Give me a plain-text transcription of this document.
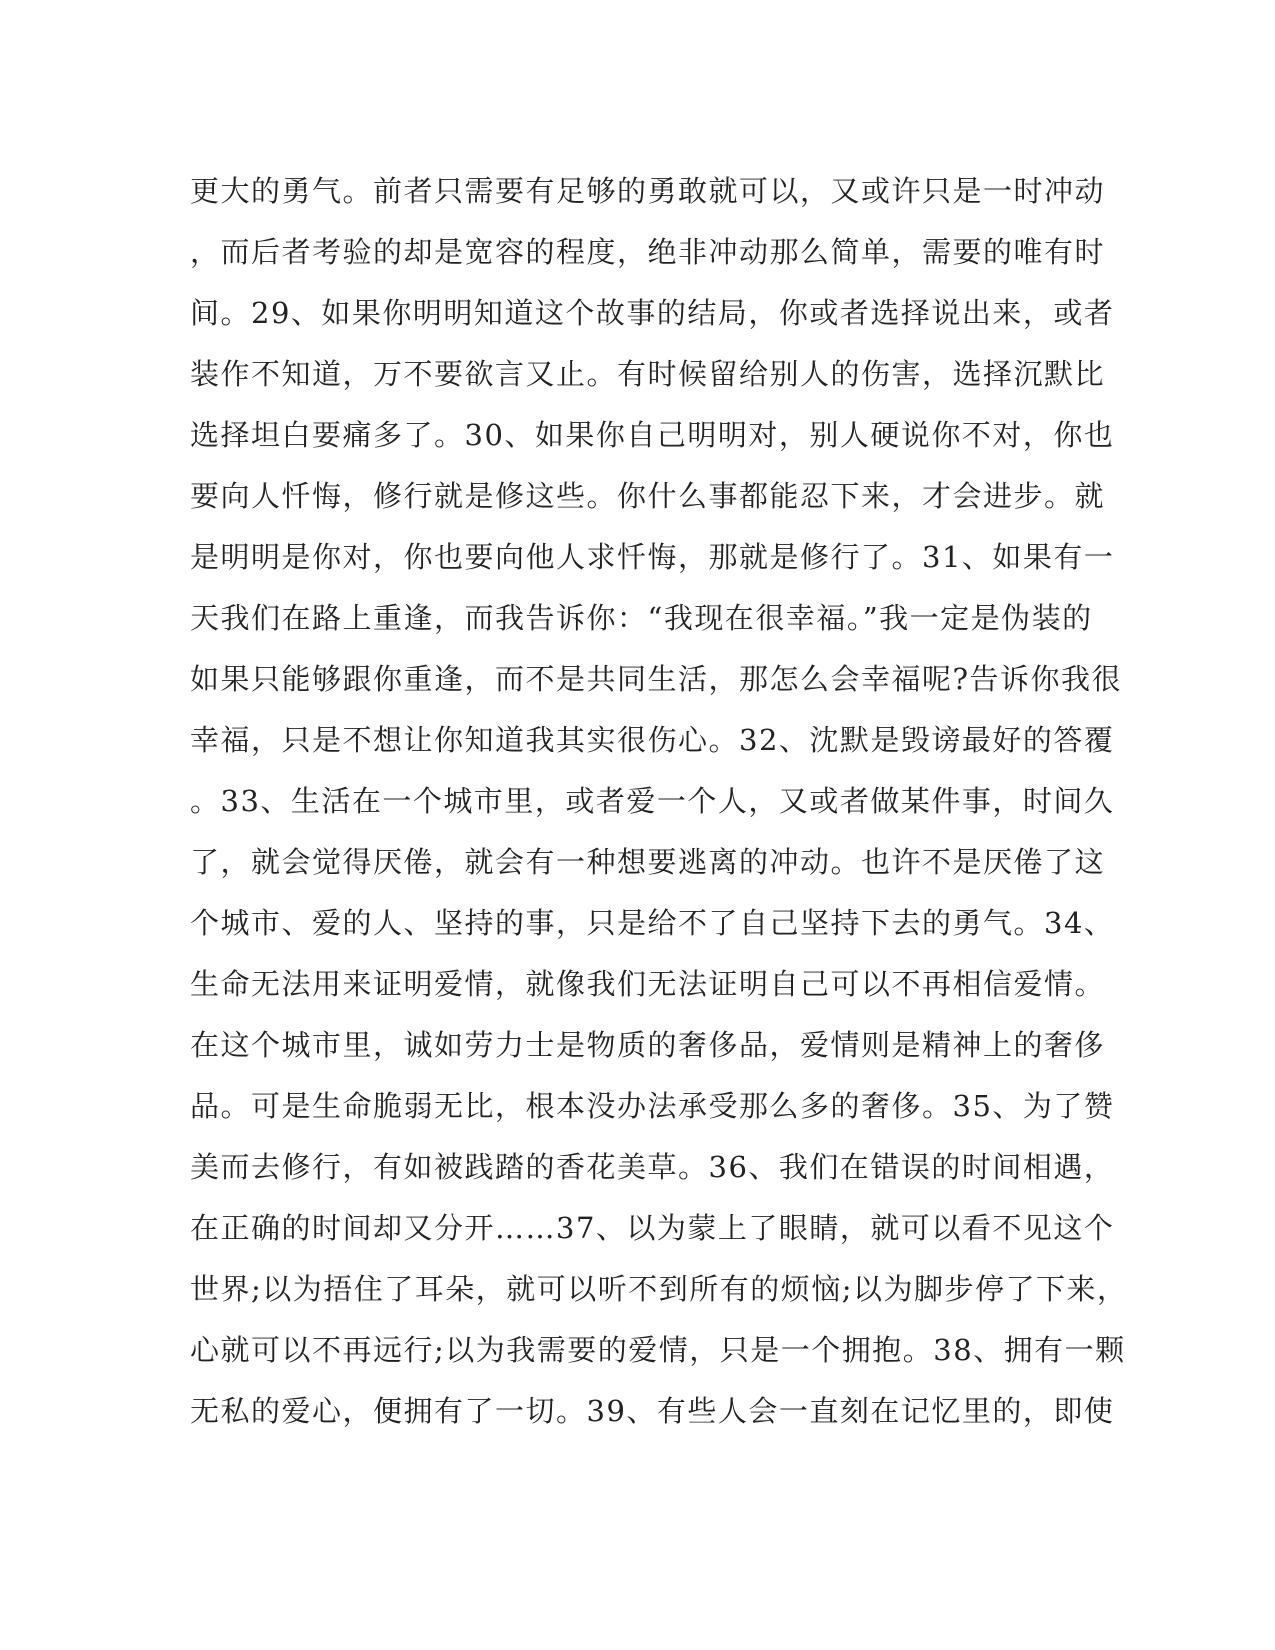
更大的勇气。前者只需要有足够的勇敢就可以，又或许只是一时冲动
，而后者考验的却是宽容的程度，绝非冲动那么简单，需要的唯有时
间。29、如果你明明知道这个故事的结局，你或者选择说出来，或者
装作不知道，万不要欲言又止。有时候留给别人的伤害，选择沉默比
选择坦白要痛多了。30、如果你自己明明对，别人硬说你不对，你也
要向人忏悔，修行就是修这些。你什么事都能忍下来，才会进步。就
是明明是你对，你也要向他人求忏悔，那就是修行了。31、如果有一
天我们在路上重逢，而我告诉你：“我现在很幸福。”我一定是伪装的
如果只能够跟你重逢，而不是共同生活，那怎么会幸福呢?告诉你我很
幸福，只是不想让你知道我其实很伤心。32、沈默是毁谤最好的答覆
。33、生活在一个城市里，或者爱一个人，又或者做某件事，时间久
了，就会觉得厌倦，就会有一种想要逃离的冲动。也许不是厌倦了这
个城市、爱的人、坚持的事，只是给不了自己坚持下去的勇气。34、
生命无法用来证明爱情，就像我们无法证明自己可以不再相信爱情。
在这个城市里，诚如劳力士是物质的奢侈品，爱情则是精神上的奢侈
品。可是生命脆弱无比，根本没办法承受那么多的奢侈。35、为了赞
美而去修行，有如被践踏的香花美草。36、我们在错误的时间相遇，
在正确的时间却又分开……37、以为蒙上了眼睛，就可以看不见这个
世界;以为捂住了耳朵，就可以听不到所有的烦恼;以为脚步停了下来，
心就可以不再远行;以为我需要的爱情，只是一个拥抱。38、拥有一颗
无私的爱心，便拥有了一切。39、有些人会一直刻在记忆里的，即使
